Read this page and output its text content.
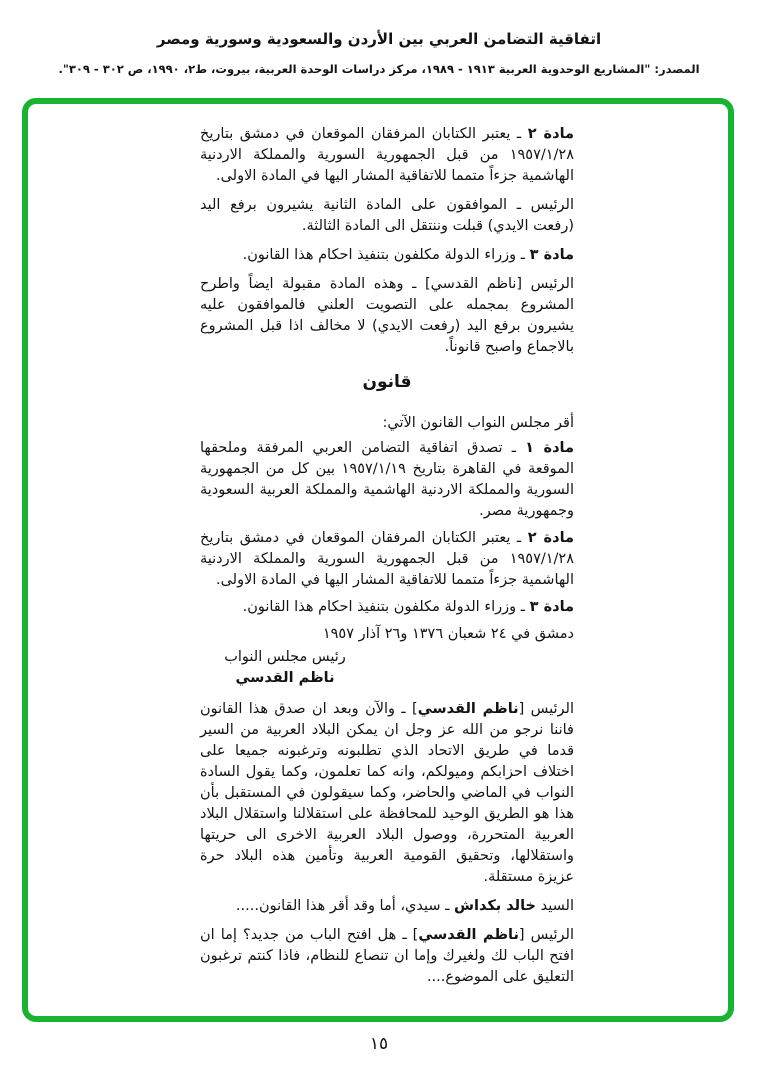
اتفاقية التضامن العربي بين الأردن والسعودية وسورية ومصر
المصدر: "المشاريع الوحدوية العربية ١٩١٣ - ١٩٨٩، مركز دراسات الوحدة العربية، بيروت، ط٢، ١٩٩٠، ص ٣٠٢ - ٣٠٩".

مادة ٢ ـ يعتبر الكتابان المرفقان الموقعان في دمشق بتاريخ ١٩٥٧/١/٢٨ من قبل الجمهورية السورية والمملكة الاردنية الهاشمية جزءاً متمما للاتفاقية المشار اليها في المادة الاولى.

الرئيس ـ الموافقون على المادة الثانية يشيرون برفع اليد (رفعت الايدي) قبلت وننتقل الى المادة الثالثة.

مادة ٣ ـ وزراء الدولة مكلفون بتنفيذ احكام هذا القانون.

الرئيس [ناظم القدسي] ـ وهذه المادة مقبولة ايضاً واطرح المشروع بمجمله على التصويت العلني فالموافقون عليه يشيرون برفع اليد (رفعت الايدي) لا مخالف اذا قبل المشروع بالاجماع واصبح قانوناً.

قانون

أقر مجلس النواب القانون الآتي:

مادة ١ ـ تصدق اتفاقية التضامن العربي المرفقة وملحقها الموقعة في القاهرة بتاريخ ١٩٥٧/١/١٩ بين كل من الجمهورية السورية والمملكة الاردنية الهاشمية والمملكة العربية السعودية وجمهورية مصر.

مادة ٢ ـ يعتبر الكتابان المرفقان الموقعان في دمشق بتاريخ ١٩٥٧/١/٢٨ من قبل الجمهورية السورية والمملكة الاردنية الهاشمية جزءاً متمما للاتفاقية المشار اليها في المادة الاولى.

مادة ٣ ـ وزراء الدولة مكلفون بتنفيذ احكام هذا القانون.

دمشق في ٢٤ شعبان ١٣٧٦ و٢٦ آذار ١٩٥٧

رئيس مجلس النواب
ناظم القدسي

الرئيس [ناظم القدسي] ـ والآن وبعد ان صدق هذا القانون فاننا نرجو من الله عز وجل ان يمكن البلاد العربية من السير قدما في طريق الاتحاد الذي تطلبونه وترغبونه جميعا على اختلاف احزابكم وميولكم، وانه كما تعلمون، وكما يقول السادة النواب في الماضي والحاضر، وكما سيقولون في المستقبل بأن هذا هو الطريق الوحيد للمحافظة على استقلالنا واستقلال البلاد العربية المتحررة، ووصول البلاد العربية الاخرى الى حريتها واستقلالها، وتحقيق القومية العربية وتأمين هذه البلاد حرة عزيزة مستقلة.

السيد خالد بكداش ـ سيدي، أما وقد أقر هذا القانون.....

الرئيس [ناظم القدسي] ـ هل افتح الباب من جديد؟ إما ان افتح الباب لك ولغيرك وإما ان تنصاع للنظام، فاذا كنتم ترغبون التعليق على الموضوع....

١٥
